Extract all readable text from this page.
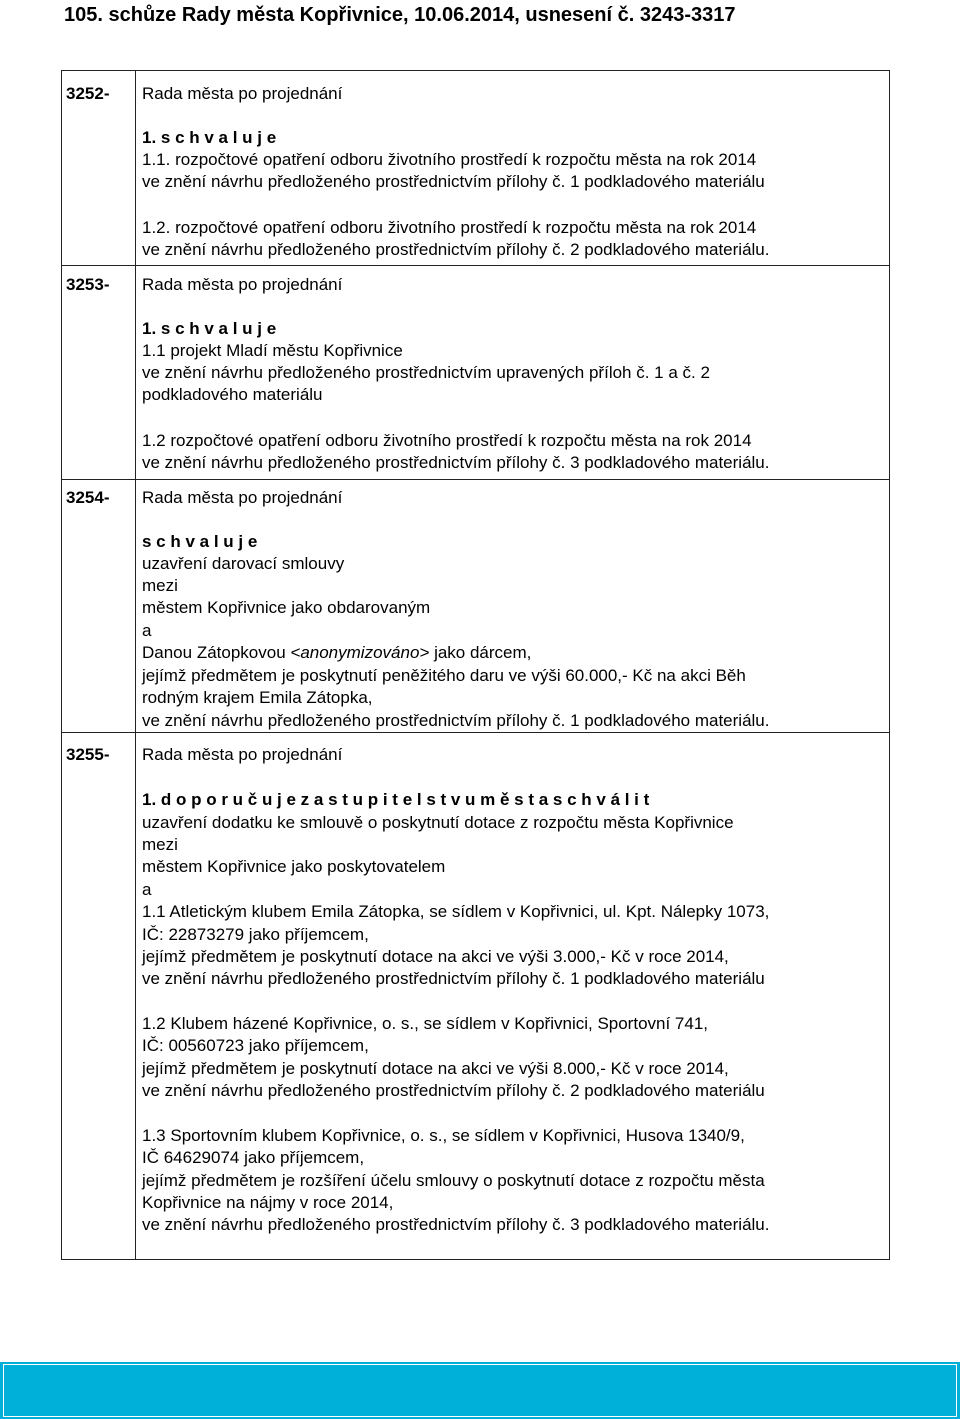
105. schůze Rady města Kopřivnice, 10.06.2014, usnesení č. 3243-3317
3252- Rada města po projednání
1. s c h v a l u j e
1.1. rozpočtové opatření odboru životního prostředí k rozpočtu města na rok 2014
ve znění návrhu předloženého prostřednictvím přílohy č. 1 podkladového materiálu
1.2. rozpočtové opatření odboru životního prostředí k rozpočtu města na rok 2014
ve znění návrhu předloženého prostřednictvím přílohy č. 2 podkladového materiálu.
3253- Rada města po projednání
1. s c h v a l u j e
1.1 projekt Mladí městu Kopřivnice
ve znění návrhu předloženého prostřednictvím upravených příloh č. 1 a č. 2
podkladového materiálu
1.2 rozpočtové opatření odboru životního prostředí k rozpočtu města na rok 2014
ve znění návrhu předloženého prostřednictvím přílohy č. 3 podkladového materiálu.
3254- Rada města po projednání
s c h v a l u j e
uzavření darovací smlouvy
mezi
městem Kopřivnice jako obdarovaným
a
Danou Zátopkovou <anonymizováno> jako dárcem,
jejímž předmětem je poskytnutí peněžitého daru ve výši 60.000,- Kč na akci Běh
rodným krajem Emila Zátopka,
ve znění návrhu předloženého prostřednictvím přílohy č. 1 podkladového materiálu.
3255- Rada města po projednání
1. d o p o r u č u j e z a s t u p i t e l s t v u m ě s t a s c h v á l i t
uzavření dodatku ke smlouvě o poskytnutí dotace z rozpočtu města Kopřivnice
mezi
městem Kopřivnice jako poskytovatelem
a
1.1 Atletickým klubem Emila Zátopka, se sídlem v Kopřivnici, ul. Kpt. Nálepky 1073,
IČ: 22873279 jako příjemcem,
jejímž předmětem je poskytnutí dotace na akci ve výši 3.000,- Kč v roce 2014,
ve znění návrhu předloženého prostřednictvím přílohy č. 1 podkladového materiálu
1.2 Klubem házené Kopřivnice, o. s., se sídlem v Kopřivnici, Sportovní 741,
IČ: 00560723 jako příjemcem,
jejímž předmětem je poskytnutí dotace na akci ve výši 8.000,- Kč v roce 2014,
ve znění návrhu předloženého prostřednictvím přílohy č. 2 podkladového materiálu
1.3 Sportovním klubem Kopřivnice, o. s., se sídlem v Kopřivnici, Husova 1340/9,
IČ 64629074 jako příjemcem,
jejímž předmětem je rozšíření účelu smlouvy o poskytnutí dotace z rozpočtu města
Kopřivnice na nájmy v roce 2014,
ve znění návrhu předloženého prostřednictvím přílohy č. 3 podkladového materiálu.
